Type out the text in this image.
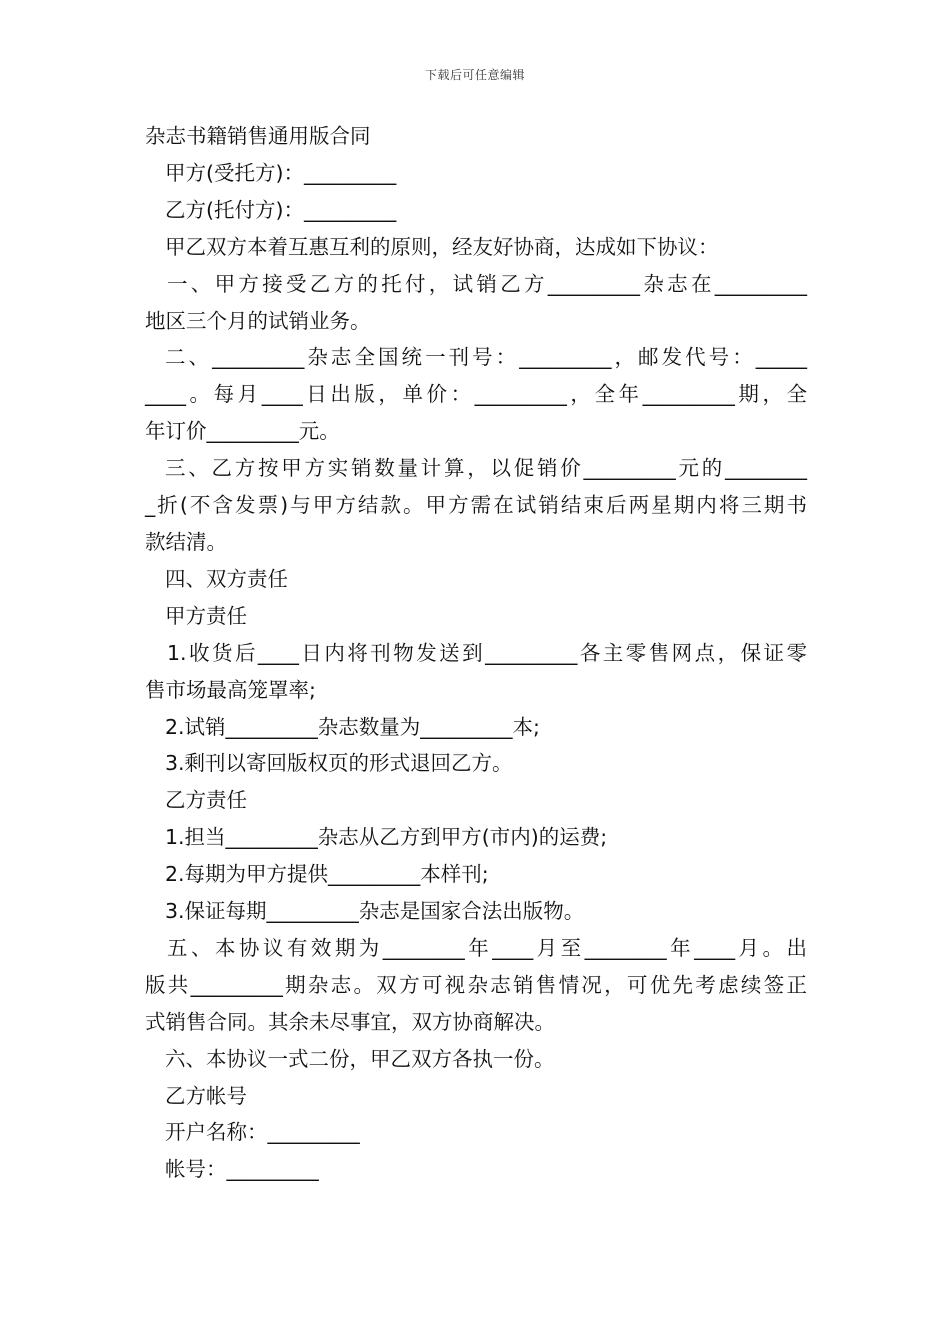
下载后可任意编辑

杂志书籍销售通用版合同

甲方(受托方)：_________

乙方(托付方)：_________

甲乙双方本着互惠互利的原则，经友好协商，达成如下协议：

一、甲方接受乙方的托付，试销乙方_________杂志在_________

地区三个月的试销业务。

二、_________杂志全国统一刊号：_________，邮发代号：_____

____。每月____日出版，单价：_________，全年_________期，全

年订价_________元。

三、乙方按甲方实销数量计算，以促销价_________元的________

_折(不含发票)与甲方结款。甲方需在试销结束后两星期内将三期书

款结清。

四、双方责任

甲方责任

1.收货后____日内将刊物发送到_________各主零售网点，保证零

售市场最高笼罩率;

2.试销_________杂志数量为_________本;

3.剩刊以寄回版权页的形式退回乙方。

乙方责任

1.担当_________杂志从乙方到甲方(市内)的运费;

2.每期为甲方提供_________本样刊;

3.保证每期_________杂志是国家合法出版物。

五、本协议有效期为________年____月至________年____月。出

版共_________期杂志。双方可视杂志销售情况，可优先考虑续签正

式销售合同。其余未尽事宜，双方协商解决。

六、本协议一式二份，甲乙双方各执一份。

乙方帐号

开户名称：_________

帐号：_________
